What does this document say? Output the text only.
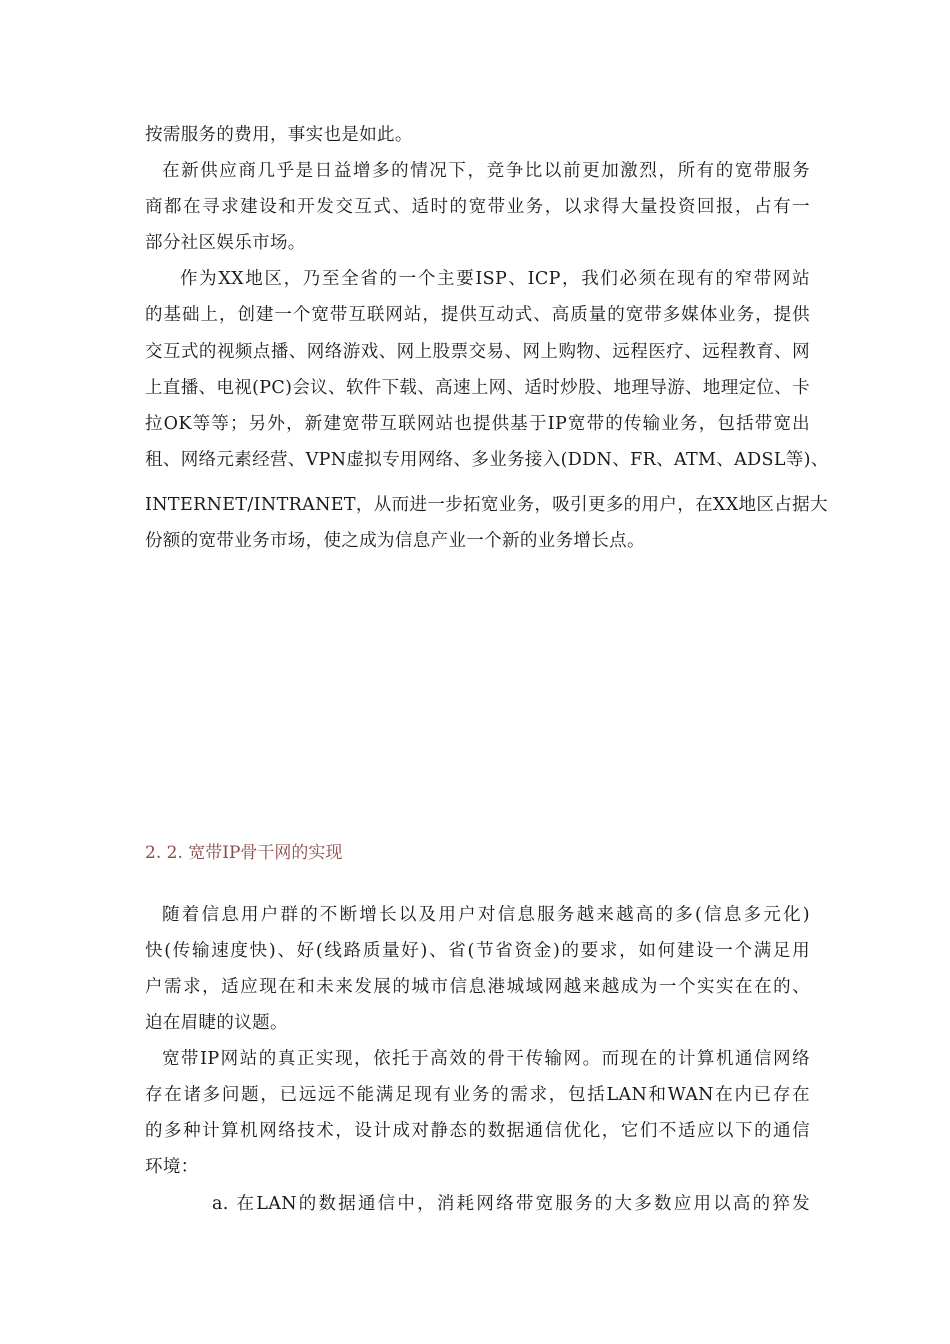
按需服务的费用，事实也是如此。
在新供应商几乎是日益增多的情况下，竞争比以前更加激烈，所有的宽带服务
商都在寻求建设和开发交互式、适时的宽带业务，以求得大量投资回报，占有一
部分社区娱乐市场。
作为XX地区，乃至全省的一个主要ISP、ICP，我们必须在现有的窄带网站
的基础上，创建一个宽带互联网站，提供互动式、高质量的宽带多媒体业务，提供
交互式的视频点播、网络游戏、网上股票交易、网上购物、远程医疗、远程教育、网
上直播、电视(PC)会议、软件下载、高速上网、适时炒股、地理导游、地理定位、卡
拉OK等等；另外，新建宽带互联网站也提供基于IP宽带的传输业务，包括带宽出
租、网络元素经营、VPN虚拟专用网络、多业务接入(DDN、FR、ATM、ADSL等)、
INTERNET/INTRANET，从而进一步拓宽业务，吸引更多的用户，在XX地区占据大
份额的宽带业务市场，使之成为信息产业一个新的业务增长点。
2. 2. 宽带IP骨干网的实现
随着信息用户群的不断增长以及用户对信息服务越来越高的多(信息多元化)
快(传输速度快)、好(线路质量好)、省(节省资金)的要求，如何建设一个满足用
户需求，适应现在和未来发展的城市信息港城域网越来越成为一个实实在在的、
迫在眉睫的议题。
宽带IP网站的真正实现，依托于高效的骨干传输网。而现在的计算机通信网络
存在诸多问题，已远远不能满足现有业务的需求，包括LAN和WAN在内已存在
的多种计算机网络技术，设计成对静态的数据通信优化，它们不适应以下的通信
环境：
a. 在LAN的数据通信中，消耗网络带宽服务的大多数应用以高的猝发
